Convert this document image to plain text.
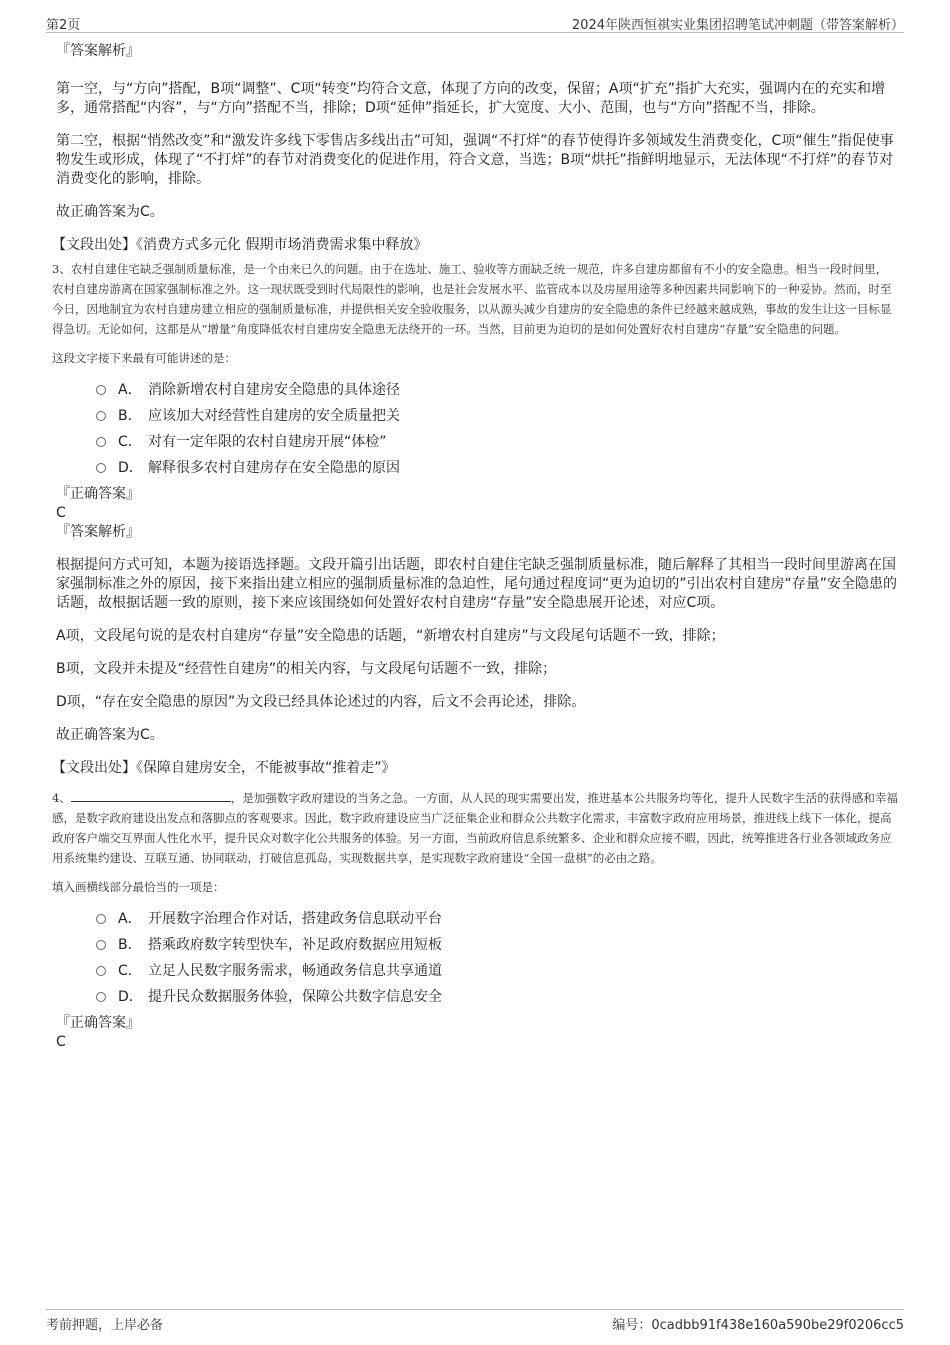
第2页	2024年陕西恒祺实业集团招聘笔试冲刺题（带答案解析）

『答案解析』

第一空，与“方向”搭配，B项“调整”、C项“转变”均符合文意，体现了方向的改变，保留；A项“扩充”指扩大充实，强调内在的充实和增多，通常搭配“内容”，与“方向”搭配不当，排除；D项“延伸”指延长，扩大宽度、大小、范围，也与“方向”搭配不当，排除。

第二空，根据“悄然改变”和“激发许多线下零售店多线出击”可知，强调“不打烊”的春节使得许多领域发生消费变化，C项“催生”指促使事物发生或形成，体现了“不打烊”的春节对消费变化的促进作用，符合文意，当选；B项“烘托”指鲜明地显示，无法体现“不打烊”的春节对消费变化的影响，排除。

故正确答案为C。

【文段出处】《消费方式多元化 假期市场消费需求集中释放》

3、农村自建住宅缺乏强制质量标准，是一个由来已久的问题。由于在选址、施工、验收等方面缺乏统一规范，许多自建房都留有不小的安全隐患。相当一段时间里，农村自建房游离在国家强制标准之外。这一现状既受到时代局限性的影响，也是社会发展水平、监管成本以及房屋用途等多种因素共同影响下的一种妥协。然而，时至今日，因地制宜为农村自建房建立相应的强制质量标准，并提供相关安全验收服务，以从源头减少自建房的安全隐患的条件已经越来越成熟，事故的发生让这一目标显得急切。无论如何，这都是从“增量”角度降低农村自建房安全隐患无法绕开的一环。当然，目前更为迫切的是如何处置好农村自建房“存量”安全隐患的问题。

这段文字接下来最有可能讲述的是：

A． 消除新增农村自建房安全隐患的具体途径
B． 应该加大对经营性自建房的安全质量把关
C． 对有一定年限的农村自建房开展“体检”
D． 解释很多农村自建房存在安全隐患的原因

『正确答案』

C

『答案解析』

根据提问方式可知，本题为接语选择题。文段开篇引出话题，即农村自建住宅缺乏强制质量标准，随后解释了其相当一段时间里游离在国家强制标准之外的原因，接下来指出建立相应的强制质量标准的急迫性，尾句通过程度词“更为迫切的”引出农村自建房“存量”安全隐患的话题，故根据话题一致的原则，接下来应该围绕如何处置好农村自建房“存量”安全隐患展开论述，对应C项。

A项，文段尾句说的是农村自建房“存量”安全隐患的话题，“新增农村自建房”与文段尾句话题不一致，排除；

B项，文段并未提及“经营性自建房”的相关内容，与文段尾句话题不一致，排除；

D项，“存在安全隐患的原因”为文段已经具体论述过的内容，后文不会再论述，排除。

故正确答案为C。

【文段出处】《保障自建房安全，不能被事故“推着走”》

4、	，是加强数字政府建设的当务之急。一方面，从人民的现实需要出发，推进基本公共服务均等化，提升人民数字生活的获得感和幸福感，是数字政府建设出发点和落脚点的客观要求。因此，数字政府建设应当广泛征集企业和群众公共数字化需求，丰富数字政府应用场景，推进线上线下一体化，提高政府客户端交互界面人性化水平，提升民众对数字化公共服务的体验。另一方面，当前政府信息系统繁多、企业和群众应接不暇，因此，统筹推进各行业各领域政务应用系统集约建设、互联互通、协同联动，打破信息孤岛，实现数据共享，是实现数字政府建设“全国一盘棋”的必由之路。

填入画横线部分最恰当的一项是：

A． 开展数字治理合作对话，搭建政务信息联动平台
B． 搭乘政府数字转型快车，补足政府数据应用短板
C． 立足人民数字服务需求，畅通政务信息共享通道
D． 提升民众数据服务体验，保障公共数字信息安全

『正确答案』

C

考前押题，上岸必备	编号：0cadbb91f438e160a590be29f0206cc5
